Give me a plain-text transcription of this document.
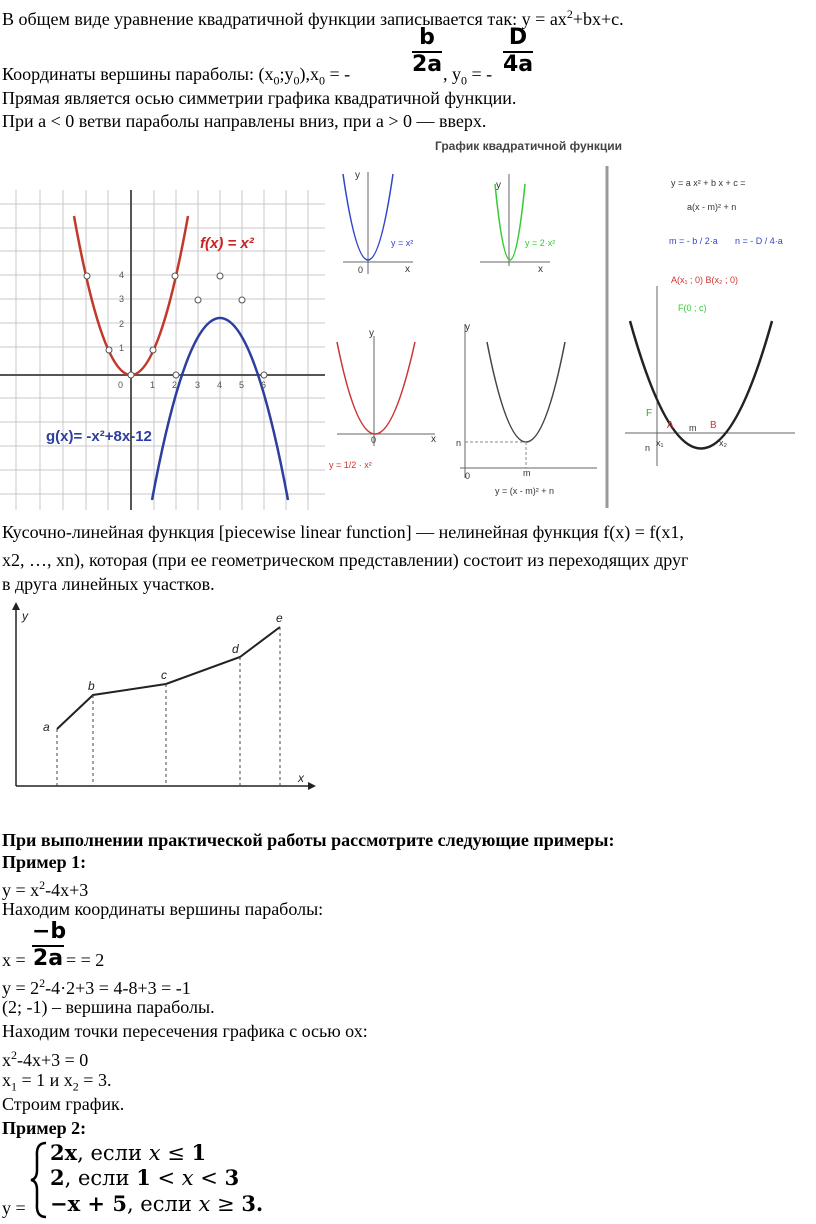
В общем виде уравнение квадратичной функции записывается так: $y = ax^2+bx+c$.
b
2a
D
4a
Координаты вершины параболы: $(x_0;y_0),x_0$ = -	, $y_0$ = -
Прямая является осью симметрии графика квадратичной функции.
При а < 0 ветви параболы направлены вниз, при а > 0 — вверх.
4
3
2
1
0	1 2 3 4 5 6
f(x) = x²
g(x)= -x²+8x-12
График квадратичной функции
y
x
0
y = x²
y
x
y = 2·x²
y
x
0
y = 1/2 · x²
y
0
n
m
y = (x - m)² + n
y = a x² + b x + c =
a(x - m)² + n
m = - b / 2·a n = - D / 4·a
A(x₁ ; 0) B(x₂ ; 0)
F(0 ; c)
F
A m B
x₁	x₂
n
Кусочно-линейная функция [piecewise linear function] — нелинейная функция f(x) = f(x1,
x2, …, xn), которая (при ее геометрическом представлении) состоит из переходящих друг
в друга линейных участков.
y
x
a
b
c
d
e
При выполнении практической работы рассмотрите следующие примеры:
Пример 1:
$y = x^2-4x+3$
Находим координаты вершины параболы:
−b
2a
x = = = 2
$y = 2^2-4\cdot 2+3 = 4-8+3 = -1$
(2; -1) – вершина параболы.
Находим точки пересечения графика с осью ох:
$x^2-4x+3 = 0$
$x_1 = 1$ и $x_2 = 3$.
Строим график.
Пример 2:
y =
2x, если x ≤ 1
2, если 1 < x < 3
−x + 5, если x ≥ 3.
